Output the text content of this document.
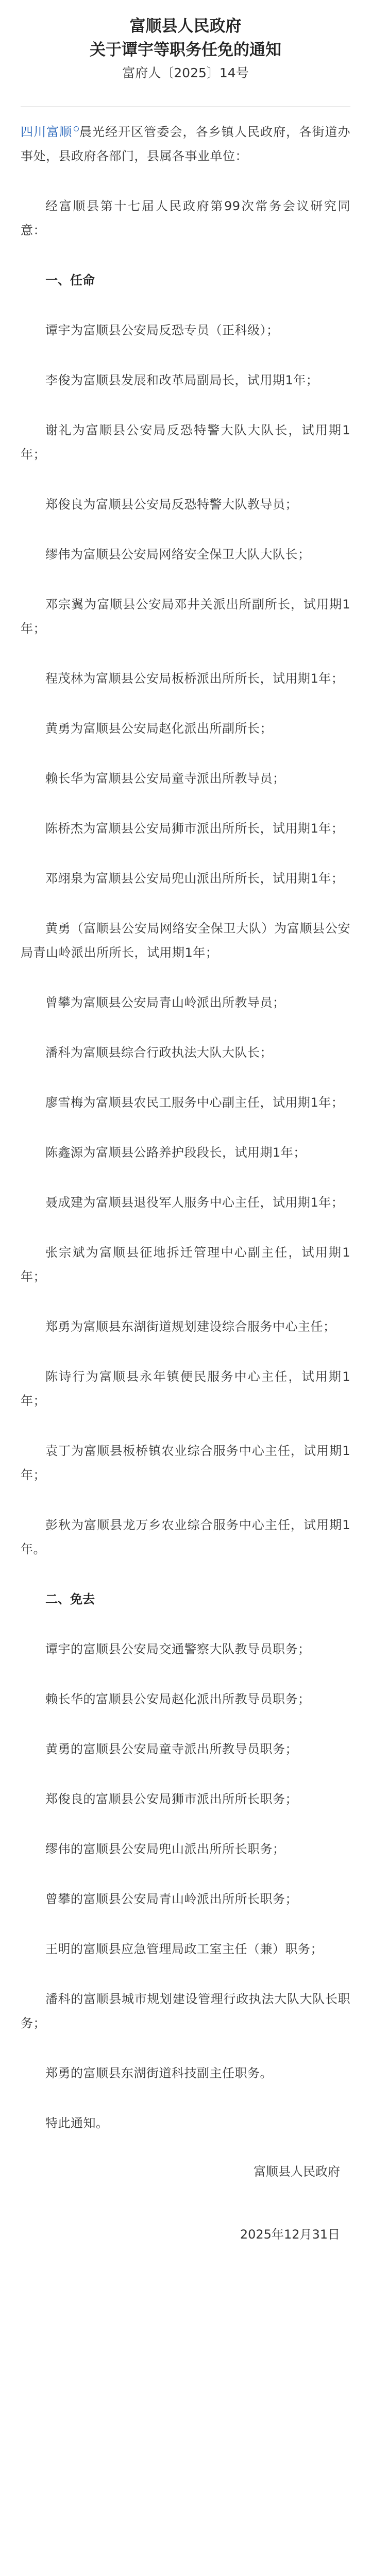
富顺县人民政府
关于谭宇等职务任免的通知
富府人〔2025〕14号

四川富顺 晨光经开区管委会，各乡镇人民政府，各街道办事处，县政府各部门，县属各事业单位：

经富顺县第十七届人民政府第99次常务会议研究同意：

一、任命

谭宇为富顺县公安局反恐专员（正科级）；

李俊为富顺县发展和改革局副局长，试用期1年；

谢礼为富顺县公安局反恐特警大队大队长，试用期1年；

郑俊良为富顺县公安局反恐特警大队教导员；

缪伟为富顺县公安局网络安全保卫大队大队长；

邓宗翼为富顺县公安局邓井关派出所副所长，试用期1年；

程茂林为富顺县公安局板桥派出所所长，试用期1年；

黄勇为富顺县公安局赵化派出所副所长；

赖长华为富顺县公安局童寺派出所教导员；

陈桥杰为富顺县公安局狮市派出所所长，试用期1年；

邓翊泉为富顺县公安局兜山派出所所长，试用期1年；

黄勇（富顺县公安局网络安全保卫大队）为富顺县公安局青山岭派出所所长，试用期1年；

曾攀为富顺县公安局青山岭派出所教导员；

潘科为富顺县综合行政执法大队大队长；

廖雪梅为富顺县农民工服务中心副主任，试用期1年；

陈鑫源为富顺县公路养护段段长，试用期1年；

聂成建为富顺县退役军人服务中心主任，试用期1年；

张宗斌为富顺县征地拆迁管理中心副主任，试用期1年；

郑勇为富顺县东湖街道规划建设综合服务中心主任；

陈诗行为富顺县永年镇便民服务中心主任，试用期1年；

袁丁为富顺县板桥镇农业综合服务中心主任，试用期1年；

彭秋为富顺县龙万乡农业综合服务中心主任，试用期1年。

二、免去

谭宇的富顺县公安局交通警察大队教导员职务；

赖长华的富顺县公安局赵化派出所教导员职务；

黄勇的富顺县公安局童寺派出所教导员职务；

郑俊良的富顺县公安局狮市派出所所长职务；

缪伟的富顺县公安局兜山派出所所长职务；

曾攀的富顺县公安局青山岭派出所所长职务；

王明的富顺县应急管理局政工室主任（兼）职务；

潘科的富顺县城市规划建设管理行政执法大队大队长职务；

郑勇的富顺县东湖街道科技副主任职务。

特此通知。

富顺县人民政府
2025年12月31日
